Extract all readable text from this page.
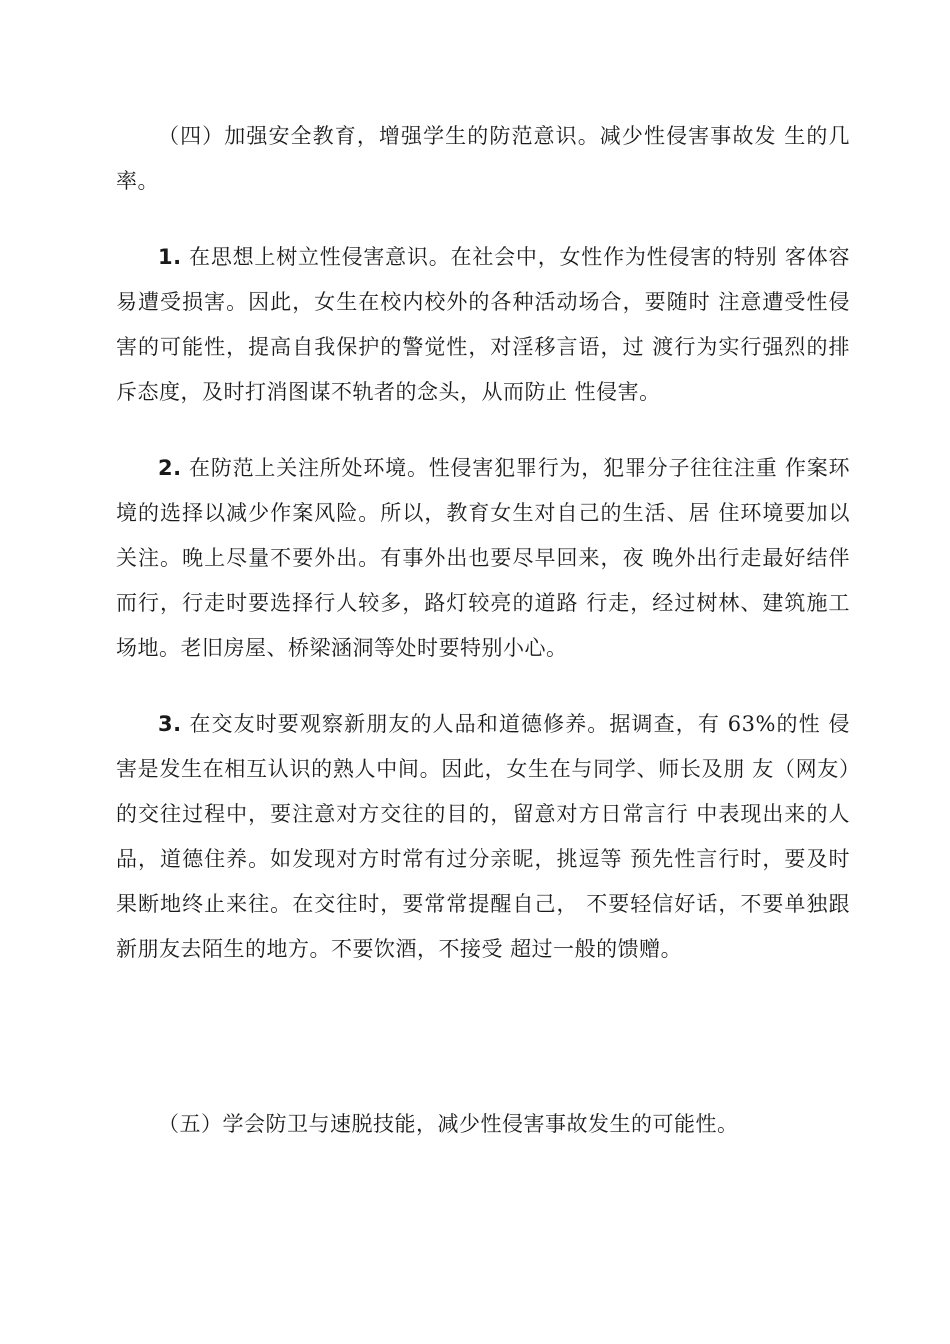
（四）加强安全教育，增强学生的防范意识。减少性侵害事故发 生的几率。

1. 在思想上树立性侵害意识。在社会中，女性作为性侵害的特别 客体容易遭受损害。因此，女生在校内校外的各种活动场合，要随时 注意遭受性侵害的可能性，提高自我保护的警觉性，对淫移言语，过 渡行为实行强烈的排斥态度，及时打消图谋不轨者的念头，从而防止 性侵害。

2. 在防范上关注所处环境。性侵害犯罪行为，犯罪分子往往注重 作案环境的选择以减少作案风险。所以，教育女生对自己的生活、居 住环境要加以关注。晚上尽量不要外出。有事外出也要尽早回来，夜 晚外出行走最好结伴而行，行走时要选择行人较多，路灯较亮的道路 行走，经过树林、建筑施工场地。老旧房屋、桥梁涵洞等处时要特别小心。

3. 在交友时要观察新朋友的人品和道德修养。据调查，有 63%的性 侵害是发生在相互认识的熟人中间。因此，女生在与同学、师长及朋 友（网友）的交往过程中，要注意对方交往的目的，留意对方日常言行 中表现出来的人品，道德住养。如发现对方时常有过分亲昵，挑逗等 预先性言行时，要及时果断地终止来往。在交往时，要常常提醒自己， 不要轻信好话，不要单独跟新朋友去陌生的地方。不要饮酒，不接受 超过一般的馈赠。

（五）学会防卫与速脱技能，减少性侵害事故发生的可能性。
